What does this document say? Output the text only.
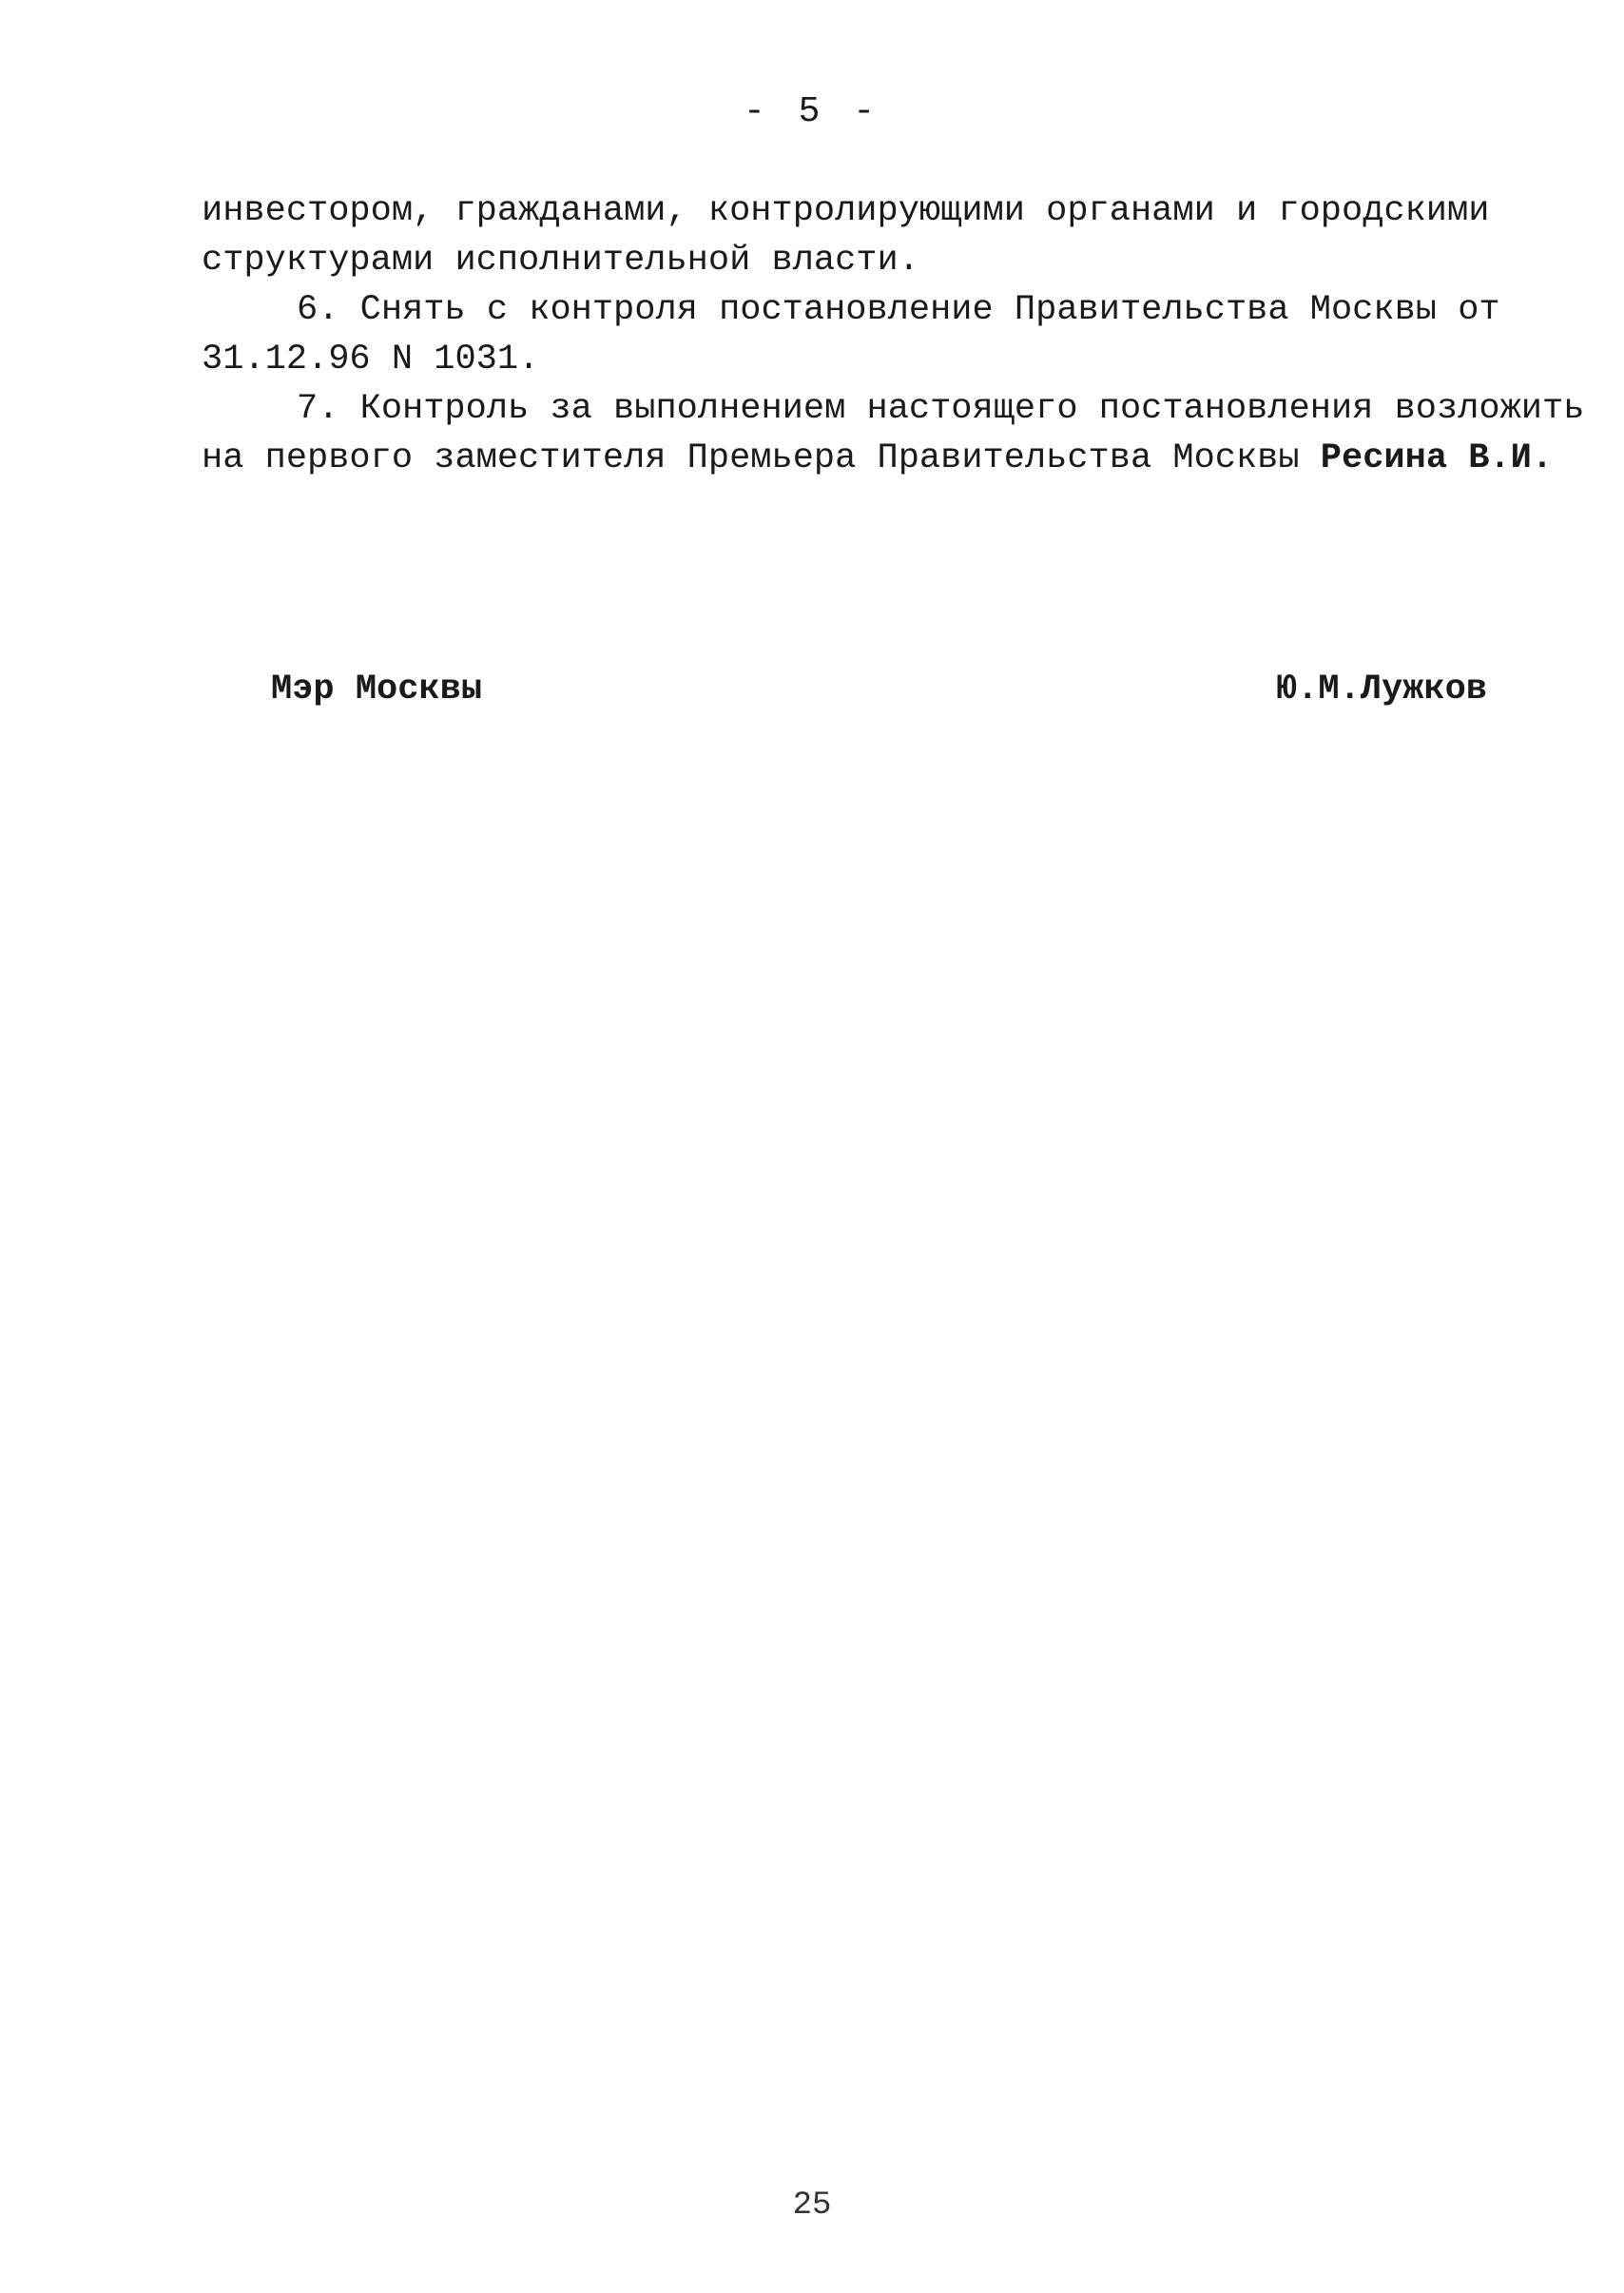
- 5 -
инвестором, гражданами, контролирующими органами и городскими
структурами исполнительной власти.
6. Снять с контроля постановление Правительства Москвы от
31.12.96 N 1031.
7. Контроль за выполнением настоящего постановления возложить
на первого заместителя Премьера Правительства Москвы Ресина В.И.
Мэр Москвы	Ю.М.Лужков
25
